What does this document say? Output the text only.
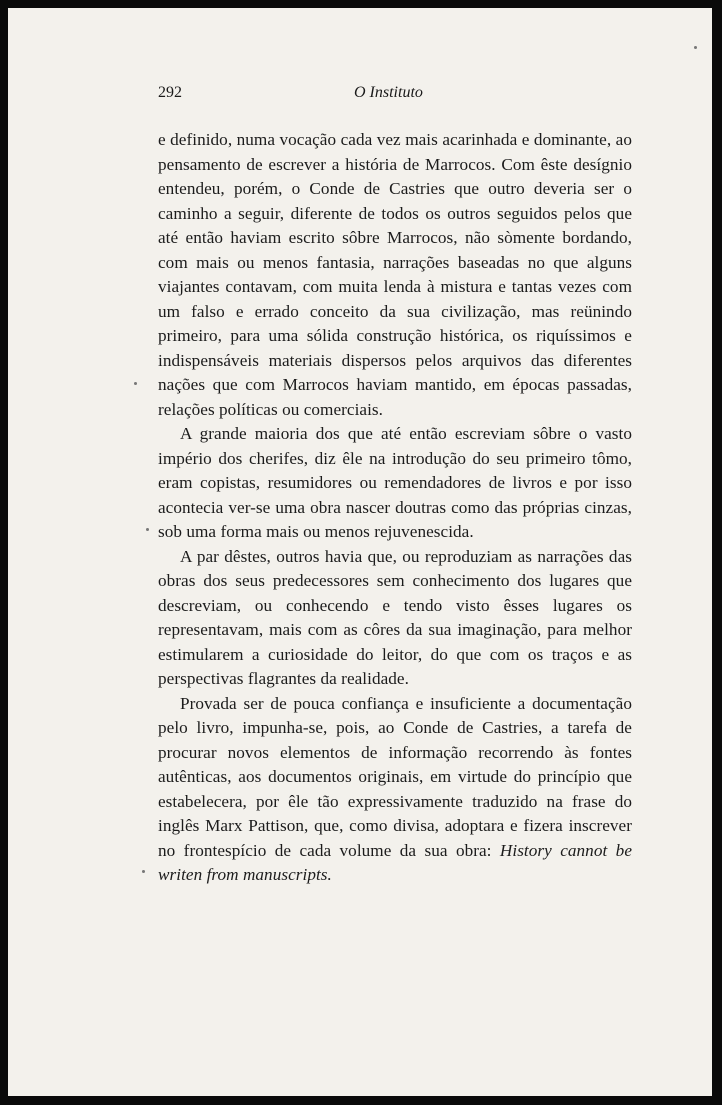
292	O Instituto

e definido, numa vocação cada vez mais acarinhada e dominante, ao pensamento de escrever a história de Marrocos. Com êste desígnio entendeu, porém, o Conde de Castries que outro deveria ser o caminho a seguir, diferente de todos os outros seguidos pelos que até então haviam escrito sôbre Marrocos, não sòmente bordando, com mais ou menos fantasia, narrações baseadas no que alguns viajantes contavam, com muita lenda à mistura e tantas vezes com um falso e errado conceito da sua civilização, mas reünindo primeiro, para uma sólida construção histórica, os riquíssimos e indispensáveis materiais dispersos pelos arquivos das diferentes nações que com Marrocos haviam mantido, em épocas passadas, relações políticas ou comerciais.

A grande maioria dos que até então escreviam sôbre o vasto império dos cherifes, diz êle na introdução do seu primeiro tômo, eram copistas, resumidores ou remendadores de livros e por isso acontecia ver-se uma obra nascer doutras como das próprias cinzas, sob uma forma mais ou menos rejuvenescida.

A par dêstes, outros havia que, ou reproduziam as narrações das obras dos seus predecessores sem conhecimento dos lugares que descreviam, ou conhecendo e tendo visto êsses lugares os representavam, mais com as côres da sua imaginação, para melhor estimularem a curiosidade do leitor, do que com os traços e as perspectivas flagrantes da realidade.

Provada ser de pouca confiança e insuficiente a documentação pelo livro, impunha-se, pois, ao Conde de Castries, a tarefa de procurar novos elementos de informação recorrendo às fontes autênticas, aos documentos originais, em virtude do princípio que estabelecera, por êle tão expressivamente traduzido na frase do inglês Marx Pattison, que, como divisa, adoptara e fizera inscrever no frontespício de cada volume da sua obra: History cannot be writen from manuscripts.
